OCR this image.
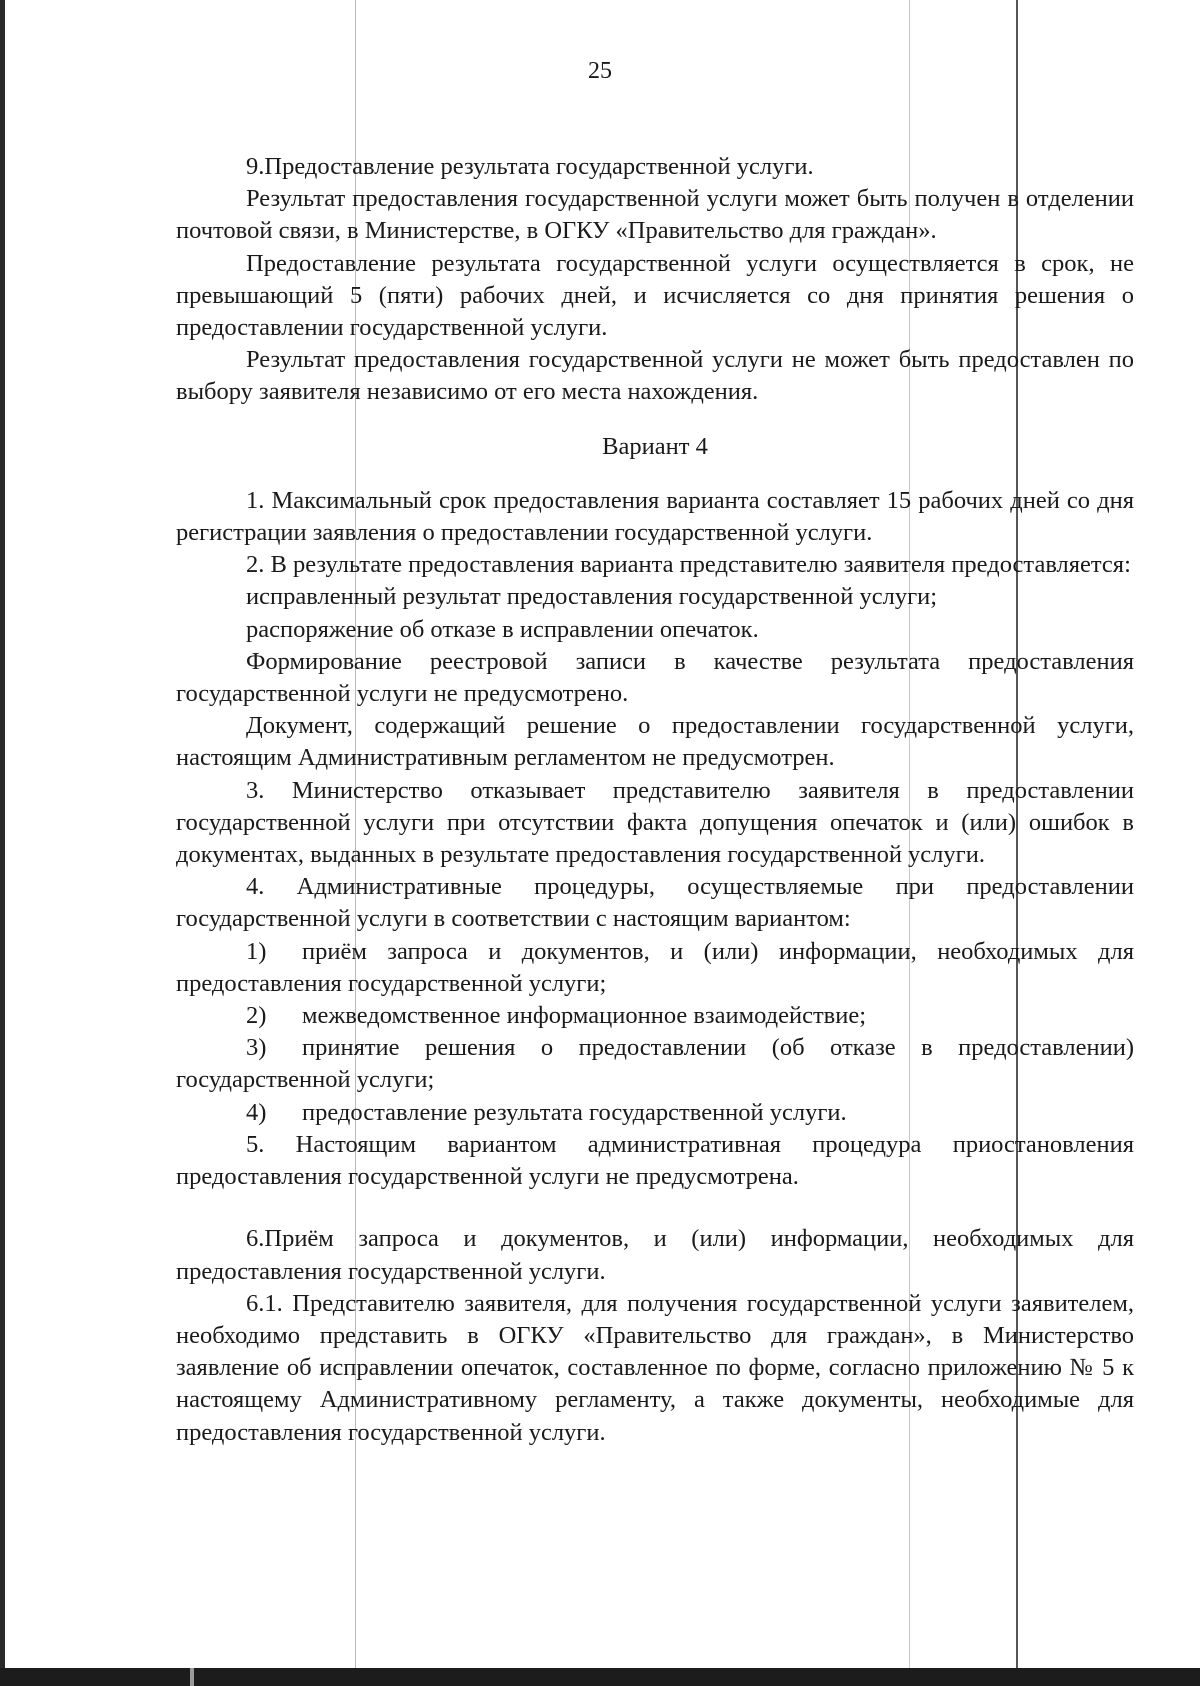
25

9.Предоставление результата государственной услуги.

Результат предоставления государственной услуги может быть получен в отделении почтовой связи, в Министерстве, в ОГКУ «Правительство для граждан».

Предоставление результата государственной услуги осуществляется в срок, не превышающий 5 (пяти) рабочих дней, и исчисляется со дня принятия решения о предоставлении государственной услуги.

Результат предоставления государственной услуги не может быть предоставлен по выбору заявителя независимо от его места нахождения.

Вариант 4

1. Максимальный срок предоставления варианта составляет 15 рабочих дней со дня регистрации заявления о предоставлении государственной услуги.

2. В результате предоставления варианта представителю заявителя предоставляется:

исправленный результат предоставления государственной услуги;

распоряжение об отказе в исправлении опечаток.

Формирование реестровой записи в качестве результата предоставления государственной услуги не предусмотрено.

Документ, содержащий решение о предоставлении государственной услуги, настоящим Административным регламентом не предусмотрен.

3. Министерство отказывает представителю заявителя в предоставлении государственной услуги при отсутствии факта допущения опечаток и (или) ошибок в документах, выданных в результате предоставления государственной услуги.

4. Административные процедуры, осуществляемые при предоставлении государственной услуги в соответствии с настоящим вариантом:

1) приём запроса и документов, и (или) информации, необходимых для предоставления государственной услуги;

2) межведомственное информационное взаимодействие;

3) принятие решения о предоставлении (об отказе в предоставлении) государственной услуги;

4) предоставление результата государственной услуги.

5. Настоящим вариантом административная процедура приостановления предоставления государственной услуги не предусмотрена.

6.Приём запроса и документов, и (или) информации, необходимых для предоставления государственной услуги.

6.1. Представителю заявителя, для получения государственной услуги заявителем, необходимо представить в ОГКУ «Правительство для граждан», в Министерство заявление об исправлении опечаток, составленное по форме, согласно приложению № 5 к настоящему Административному регламенту, а также документы, необходимые для предоставления государственной услуги.
